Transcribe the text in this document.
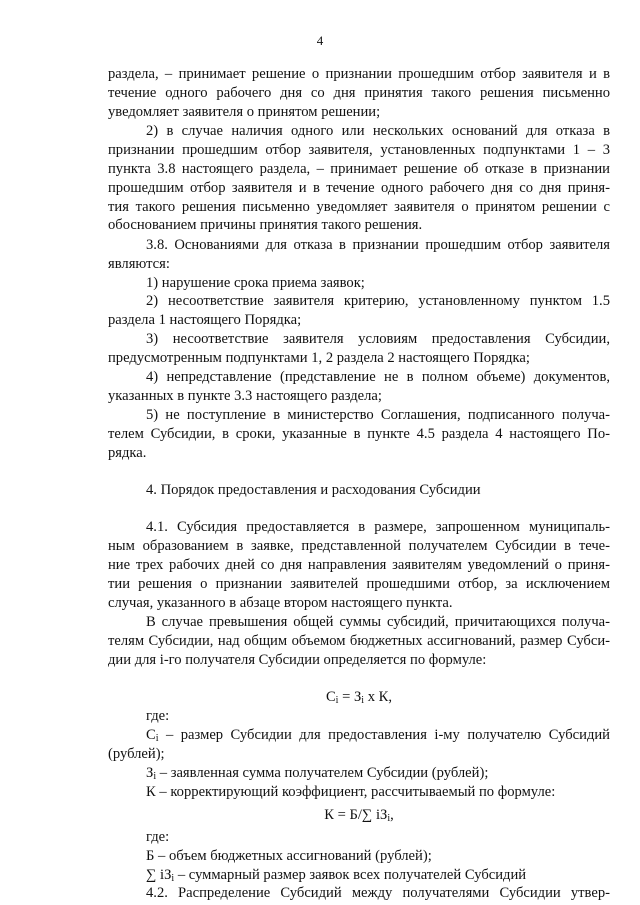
4
раздела, – принимает решение о признании прошедшим отбор заявителя и в
течение одного рабочего дня со дня принятия такого решения письменно
уведомляет заявителя о принятом решении;
2) в случае наличия одного или нескольких оснований для отказа в
признании прошедшим отбор заявителя, установленных подпунктами 1 – 3
пункта 3.8 настоящего раздела, – принимает решение об отказе в признании
прошедшим отбор заявителя и в течение одного рабочего дня со дня приня-
тия такого решения письменно уведомляет заявителя о принятом решении с
обоснованием причины принятия такого решения.
3.8. Основаниями для отказа в признании прошедшим отбор заявителя
являются:
1) нарушение срока приема заявок;
2) несоответствие заявителя критерию, установленному пунктом 1.5
раздела 1 настоящего Порядка;
3) несоответствие заявителя условиям предоставления Субсидии,
предусмотренным подпунктами 1, 2 раздела 2 настоящего Порядка;
4) непредставление (представление не в полном объеме) документов,
указанных в пункте 3.3 настоящего раздела;
5) не поступление в министерство Соглашения, подписанного получа-
телем Субсидии, в сроки, указанные в пункте 4.5 раздела 4 настоящего По-
рядка.
4. Порядок предоставления и расходования Субсидии
4.1. Субсидия предоставляется в размере, запрошенном муниципаль-
ным образованием в заявке, представленной получателем Субсидии в тече-
ние трех рабочих дней со дня направления заявителям уведомлений о приня-
тии решения о признании заявителей прошедшими отбор, за исключением
случая, указанного в абзаце втором настоящего пункта.
В случае превышения общей суммы субсидий, причитающихся получа-
телям Субсидии, над общим объемом бюджетных ассигнований, размер Субси-
дии для i-го получателя Субсидии определяется по формуле:
$С_i = З_i$ х К,
где:
$С_i$ – размер Субсидии для предоставления i-му получателю Субсидий
(рублей);
$З_i$ – заявленная сумма получателем Субсидии (рублей);
К – корректирующий коэффициент, рассчитываемый по формуле:
К = Б/∑ $iЗ_i$,
где:
Б – объем бюджетных ассигнований (рублей);
∑ $iЗ_i$ – суммарный размер заявок всех получателей Субсидий
4.2. Распределение Субсидий между получателями Субсидии утвер-
